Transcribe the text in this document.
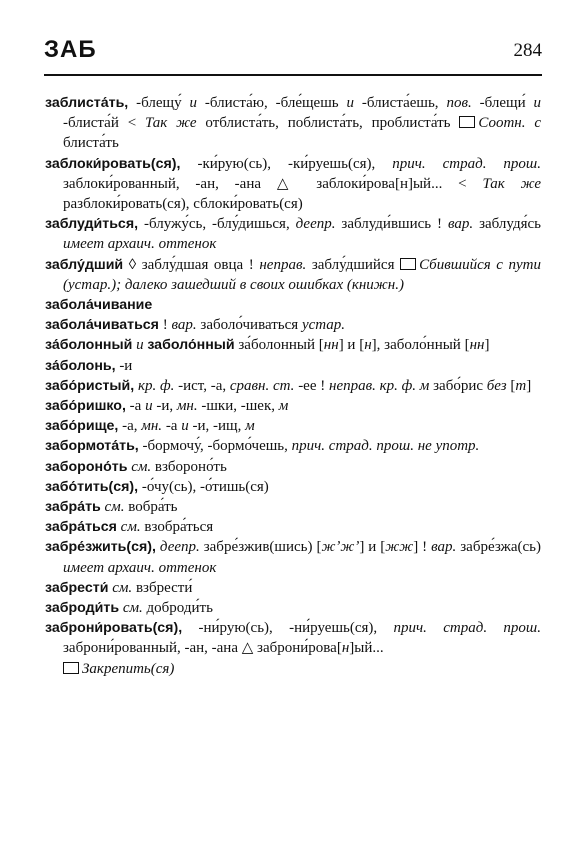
ЗАБ	284

заблиста́ть, -блещу́ и -блиста́ю, -бле́щешь и -блиста́ешь, пов. -блещи́ и -блиста́й < Так же отблиста́ть, поблиста́ть, проблиста́ть Соотн. с блиста́ть

заблоки́ровать(ся), -ки́рую(сь), -ки́руешь(ся), прич. страд. прош. заблоки́рованный, -ан, -ана △ заблоки́рова[н]ый... < Так же разблоки́ровать(ся), сблоки́ровать(ся)

заблуди́ться, -блужу́сь, -блу́дишься, деепр. заблуди́вшись ! вар. заблудя́сь имеет архаич. оттенок

заблу́дший ◊ заблу́дшая овца ! неправ. заблу́дшийся Сбившийся с пути (устар.); далеко зашедший в своих ошибках (книжн.)

забола́чивание

забола́чиваться ! вар. заболо́чиваться устар.

за́болонный и заболо́нный за́болонный [нн] и [н], заболо́нный [нн]

за́болонь, -и

забо́ристый, кр. ф. -ист, -а, сравн. ст. -ее ! неправ. кр. ф. м забо́рис без [т]

забо́ришко, -а и -и, мн. -шки, -шек, м

забо́рище, -а, мн. -а и -и, -ищ, м

забормота́ть, -бормочу́, -бормо́чешь, прич. страд. прош. не употр.

забороно́ть см. взбороно́ть

забо́тить(ся), -о́чу(сь), -о́тишь(ся)

забра́ть см. вобра́ть

забра́ться см. взобра́ться

забре́зжить(ся), деепр. забре́зжив(шись) [жʼжʼ] и [жж] ! вар. забре́зжа(сь) имеет архаич. оттенок

забрести́ см. взбрести́

заброди́ть см. доброди́ть

заброни́ровать(ся), -ни́рую(сь), -ни́руешь(ся), прич. страд. прош. заброни́рованный, -ан, -ана △ заброни́рова[н]ый...
Закрепить(ся)
